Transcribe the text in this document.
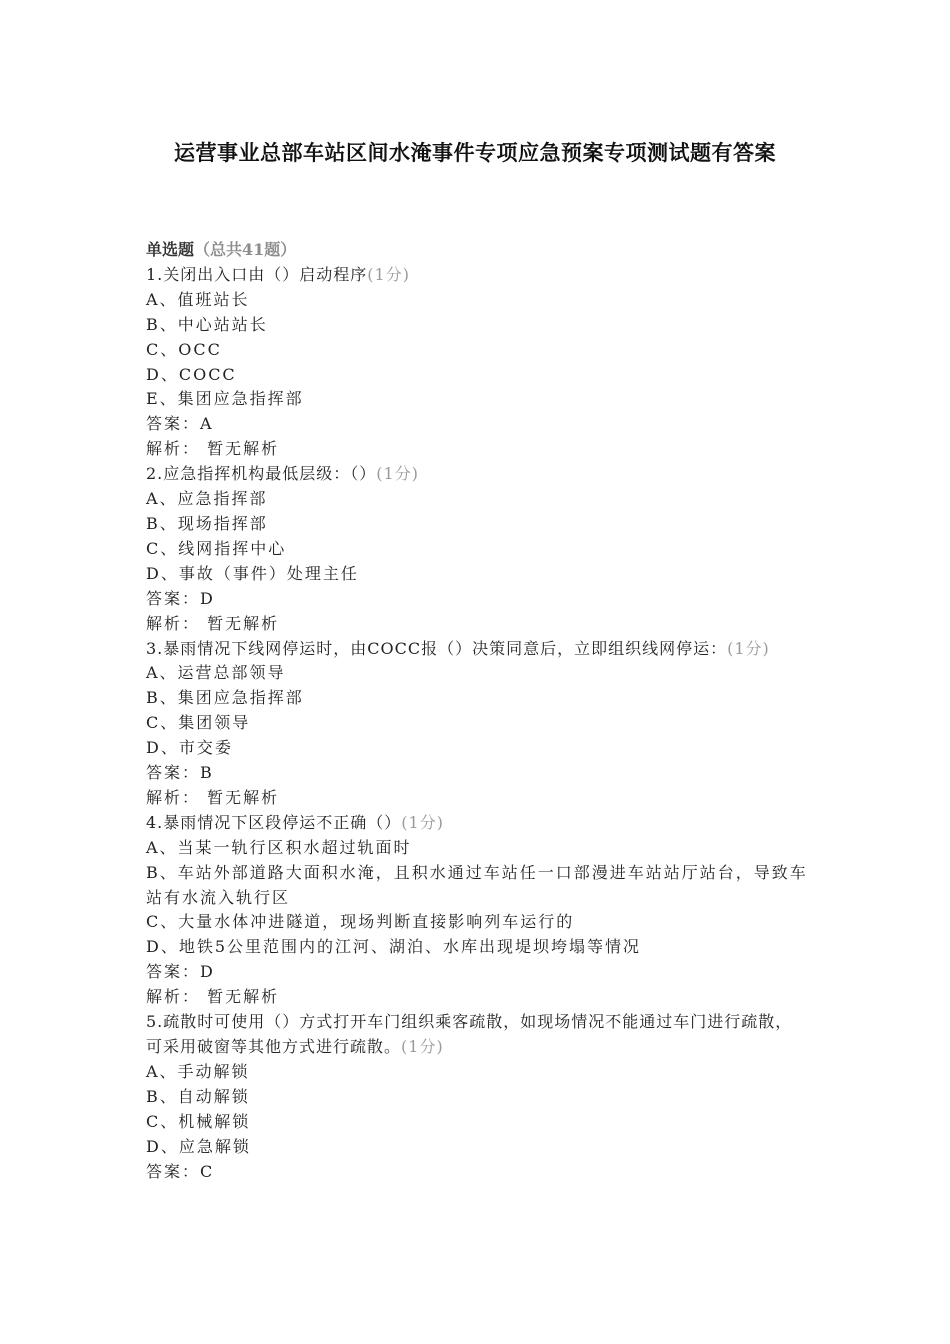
运营事业总部车站区间水淹事件专项应急预案专项测试题有答案
单选题（总共41题）
1.关闭出入口由（）启动程序(1分)
A、值班站长
B、中心站站长
C、OCC
D、COCC
E、集团应急指挥部
答案：A
解析： 暂无解析
2.应急指挥机构最低层级：（）(1分)
A、应急指挥部
B、现场指挥部
C、线网指挥中心
D、事故（事件）处理主任
答案：D
解析： 暂无解析
3.暴雨情况下线网停运时，由COCC报（）决策同意后，立即组织线网停运：(1分)
A、运营总部领导
B、集团应急指挥部
C、集团领导
D、市交委
答案：B
解析： 暂无解析
4.暴雨情况下区段停运不正确（）(1分)
A、当某一轨行区积水超过轨面时
B、车站外部道路大面积水淹，且积水通过车站任一口部漫进车站站厅站台，导致车站有水流入轨行区
C、大量水体冲进隧道，现场判断直接影响列车运行的
D、地铁5公里范围内的江河、湖泊、水库出现堤坝垮塌等情况
答案：D
解析： 暂无解析
5.疏散时可使用（）方式打开车门组织乘客疏散，如现场情况不能通过车门进行疏散，可采用破窗等其他方式进行疏散。(1分)
A、手动解锁
B、自动解锁
C、机械解锁
D、应急解锁
答案：C
